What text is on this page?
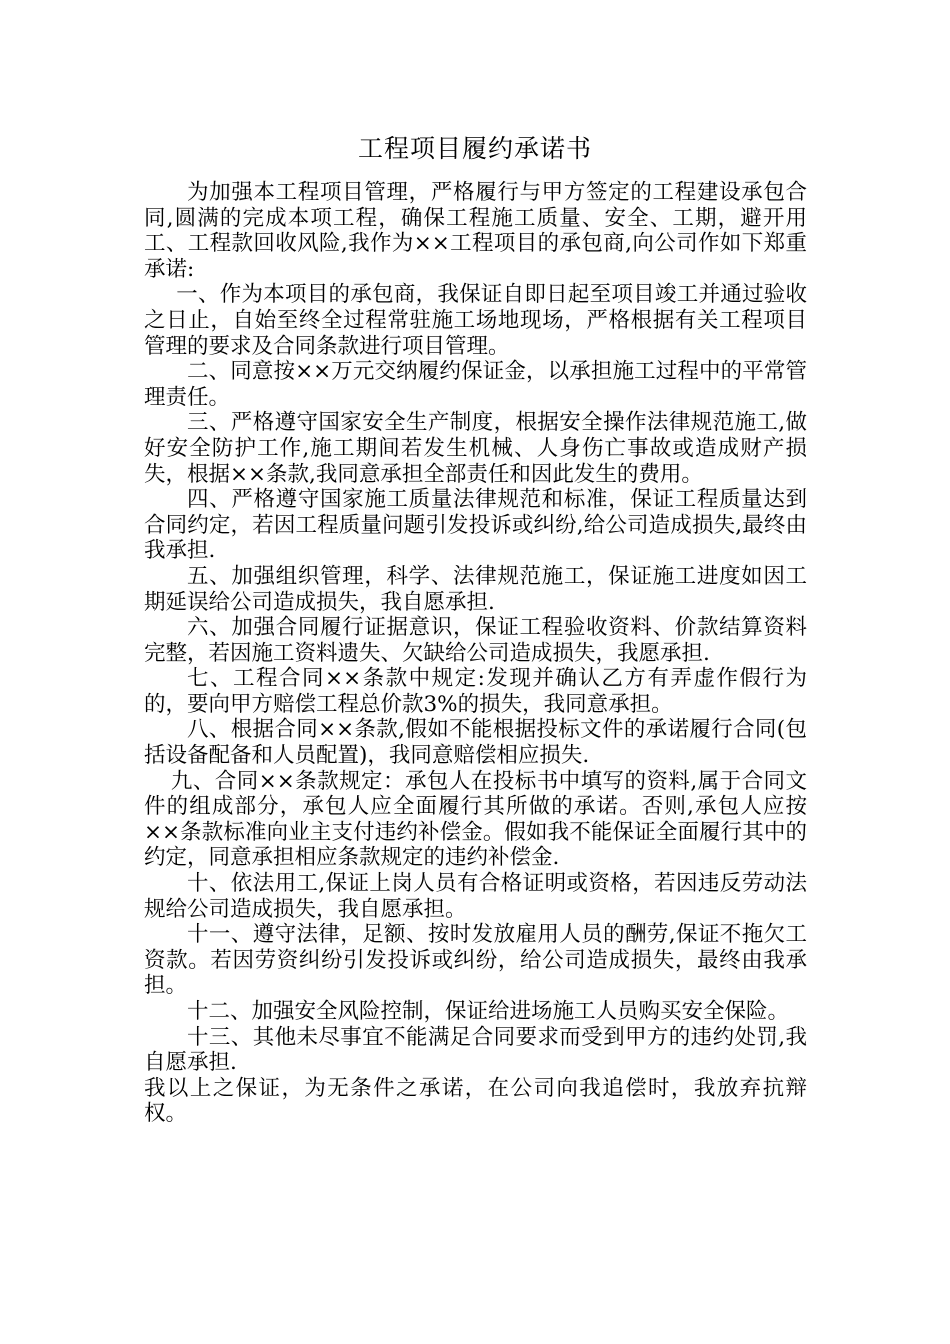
工程项目履约承诺书

为加强本工程项目管理，严格履行与甲方签定的工程建设承包合同,圆满的完成本项工程，确保工程施工质量、安全、工期，避开用工、工程款回收风险,我作为××工程项目的承包商,向公司作如下郑重承诺:

一、作为本项目的承包商，我保证自即日起至项目竣工并通过验收之日止，自始至终全过程常驻施工场地现场，严格根据有关工程项目管理的要求及合同条款进行项目管理。

二、同意按××万元交纳履约保证金，以承担施工过程中的平常管理责任。

三、严格遵守国家安全生产制度，根据安全操作法律规范施工,做好安全防护工作,施工期间若发生机械、人身伤亡事故或造成财产损失，根据××条款,我同意承担全部责任和因此发生的费用。

四、严格遵守国家施工质量法律规范和标准，保证工程质量达到合同约定，若因工程质量问题引发投诉或纠纷,给公司造成损失,最终由我承担.

五、加强组织管理，科学、法律规范施工，保证施工进度如因工期延误给公司造成损失，我自愿承担.

六、加强合同履行证据意识，保证工程验收资料、价款结算资料完整，若因施工资料遗失、欠缺给公司造成损失，我愿承担.

七、工程合同××条款中规定:发现并确认乙方有弄虚作假行为的，要向甲方赔偿工程总价款3%的损失，我同意承担。

八、根据合同××条款,假如不能根据投标文件的承诺履行合同(包括设备配备和人员配置)，我同意赔偿相应损失.

九、合同××条款规定：承包人在投标书中填写的资料,属于合同文件的组成部分，承包人应全面履行其所做的承诺。否则,承包人应按××条款标准向业主支付违约补偿金。假如我不能保证全面履行其中的约定，同意承担相应条款规定的违约补偿金.

十、依法用工,保证上岗人员有合格证明或资格，若因违反劳动法规给公司造成损失，我自愿承担。

十一、遵守法律，足额、按时发放雇用人员的酬劳,保证不拖欠工资款。若因劳资纠纷引发投诉或纠纷，给公司造成损失，最终由我承担。

十二、加强安全风险控制，保证给进场施工人员购买安全保险。

十三、其他未尽事宜不能满足合同要求而受到甲方的违约处罚,我自愿承担.

我以上之保证，为无条件之承诺，在公司向我追偿时，我放弃抗辩权。
